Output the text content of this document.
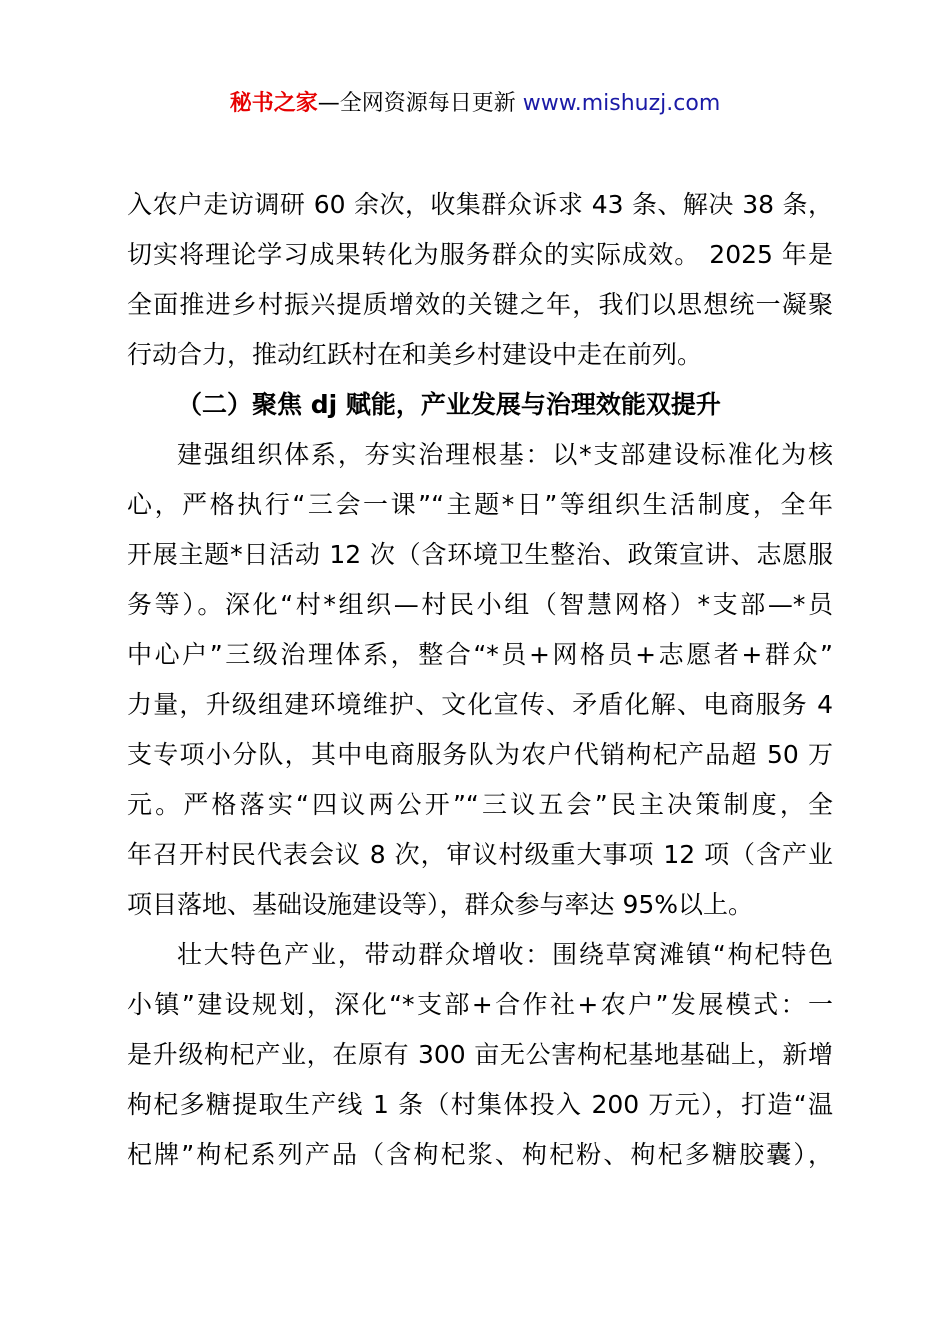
秘书之家—全网资源每日更新 www.mishuzj.com
入农户走访调研 60 余次，收集群众诉求 43 条、解决 38 条，
切实将理论学习成果转化为服务群众的实际成效。 2025 年是
全面推进乡村振兴提质增效的关键之年，我们以思想统一凝聚
行动合力，推动红跃村在和美乡村建设中走在前列。
（二）聚焦 dj 赋能，产业发展与治理效能双提升
建强组织体系，夯实治理根基：以*支部建设标准化为核
心，严格执行“三会一课”“主题*日”等组织生活制度，全年
开展主题*日活动 12 次（含环境卫生整治、政策宣讲、志愿服
务等）。深化“村*组织—村民小组（智慧网格）*支部—*员
中心户”三级治理体系，整合“*员+网格员+志愿者+群众”
力量，升级组建环境维护、文化宣传、矛盾化解、电商服务 4
支专项小分队，其中电商服务队为农户代销枸杞产品超 50 万
元。严格落实“四议两公开”“三议五会”民主决策制度，全
年召开村民代表会议 8 次，审议村级重大事项 12 项（含产业
项目落地、基础设施建设等），群众参与率达 95%以上。
壮大特色产业，带动群众增收：围绕草窝滩镇“枸杞特色
小镇”建设规划，深化“*支部+合作社+农户”发展模式：一
是升级枸杞产业，在原有 300 亩无公害枸杞基地基础上，新增
枸杞多糖提取生产线 1 条（村集体投入 200 万元），打造“温
杞牌”枸杞系列产品（含枸杞浆、枸杞粉、枸杞多糖胶囊），
